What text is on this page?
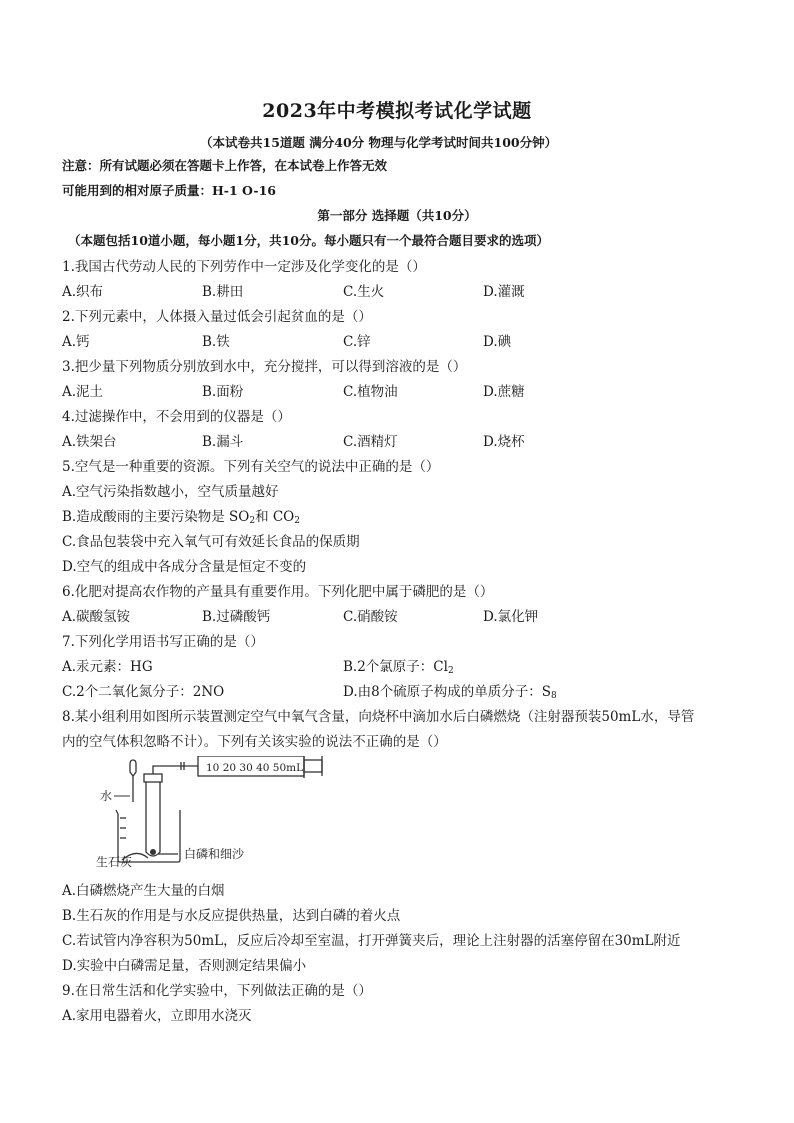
2023年中考模拟考试化学试题
（本试卷共15道题 满分40分 物理与化学考试时间共100分钟）
注意：所有试题必须在答题卡上作答，在本试卷上作答无效
可能用到的相对原子质量：H-1 O-16
第一部分 选择题（共10分）
（本题包括10道小题，每小题1分，共10分。每小题只有一个最符合题目要求的选项）
1.我国古代劳动人民的下列劳作中一定涉及化学变化的是（）
A.织布	B.耕田	C.生火	D.灌溉
2.下列元素中，人体摄入量过低会引起贫血的是（）
A.钙	B.铁	C.锌	D.碘
3.把少量下列物质分别放到水中，充分搅拌，可以得到溶液的是（）
A.泥土	B.面粉	C.植物油	D.蔗糖
4.过滤操作中，不会用到的仪器是（）
A.铁架台	B.漏斗	C.酒精灯	D.烧杯
5.空气是一种重要的资源。下列有关空气的说法中正确的是（）
A.空气污染指数越小，空气质量越好
B.造成酸雨的主要污染物是 $SO_2$和 $CO_2$
C.食品包装袋中充入氧气可有效延长食品的保质期
D.空气的组成中各成分含量是恒定不变的
6.化肥对提高农作物的产量具有重要作用。下列化肥中属于磷肥的是（）
A.碳酸氢铵	B.过磷酸钙	C.硝酸铵	D.氯化钾
7.下列化学用语书写正确的是（）
A.汞元素：HG	B.2个氯原子：$Cl_2$
C.2个二氧化氮分子：2NO	D.由8个硫原子构成的单质分子：$S_8$
8.某小组利用如图所示装置测定空气中氧气含量，向烧杯中滴加水后白磷燃烧（注射器预装50mL水，导管
内的空气体积忽略不计）。下列有关该实验的说法不正确的是（）
10 20 30 40 50mL
水
生石灰
白磷和细沙
A.白磷燃烧产生大量的白烟
B.生石灰的作用是与水反应提供热量，达到白磷的着火点
C.若试管内净容积为50mL，反应后冷却至室温，打开弹簧夹后，理论上注射器的活塞停留在30mL附近
D.实验中白磷需足量，否则测定结果偏小
9.在日常生活和化学实验中，下列做法正确的是（）
A.家用电器着火，立即用水浇灭
